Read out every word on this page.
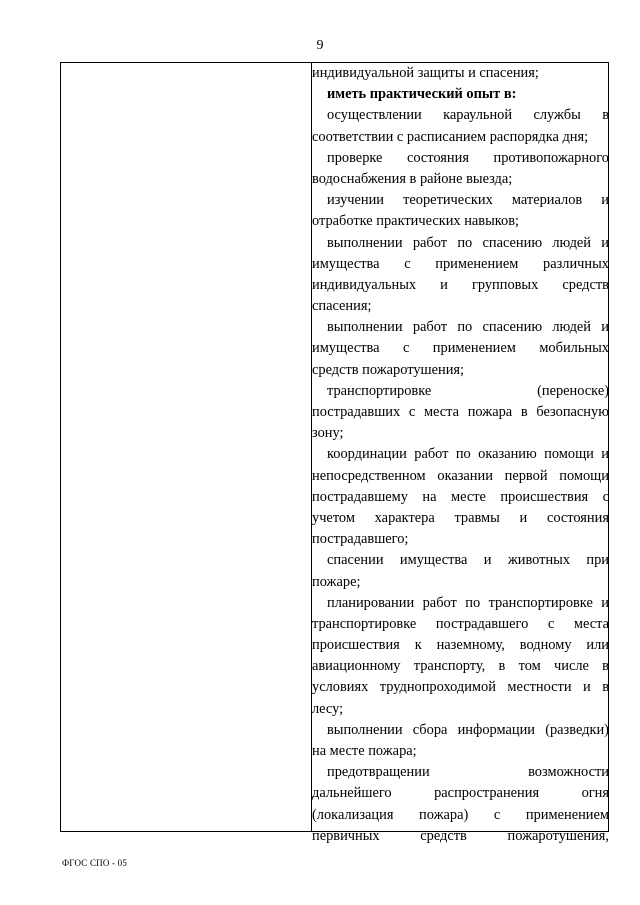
9
индивидуальной защиты и спасения;
иметь практический опыт в:
осуществлении караульной службы в
соответствии с расписанием распорядка дня;
проверке состояния противопожарного
водоснабжения в районе выезда;
изучении теоретических материалов и
отработке практических навыков;
выполнении работ по спасению людей и
имущества с применением различных
индивидуальных и групповых средств
спасения;
выполнении работ по спасению людей и
имущества с применением мобильных
средств пожаротушения;
транспортировке	(переноске)
пострадавших с места пожара в безопасную
зону;
координации работ по оказанию помощи и
непосредственном оказании первой помощи
пострадавшему на месте происшествия с
учетом характера травмы и состояния
пострадавшего;
спасении имущества и животных при
пожаре;
планировании работ по транспортировке и
транспортировке пострадавшего с места
происшествия к наземному, водному или
авиационному транспорту, в том числе в
условиях труднопроходимой местности и в
лесу;
выполнении сбора информации (разведки)
на месте пожара;
предотвращении	возможности
дальнейшего	распространения	огня
(локализация пожара) с применением
первичных	средств	пожаротушения,
ФГОС СПО - 05
